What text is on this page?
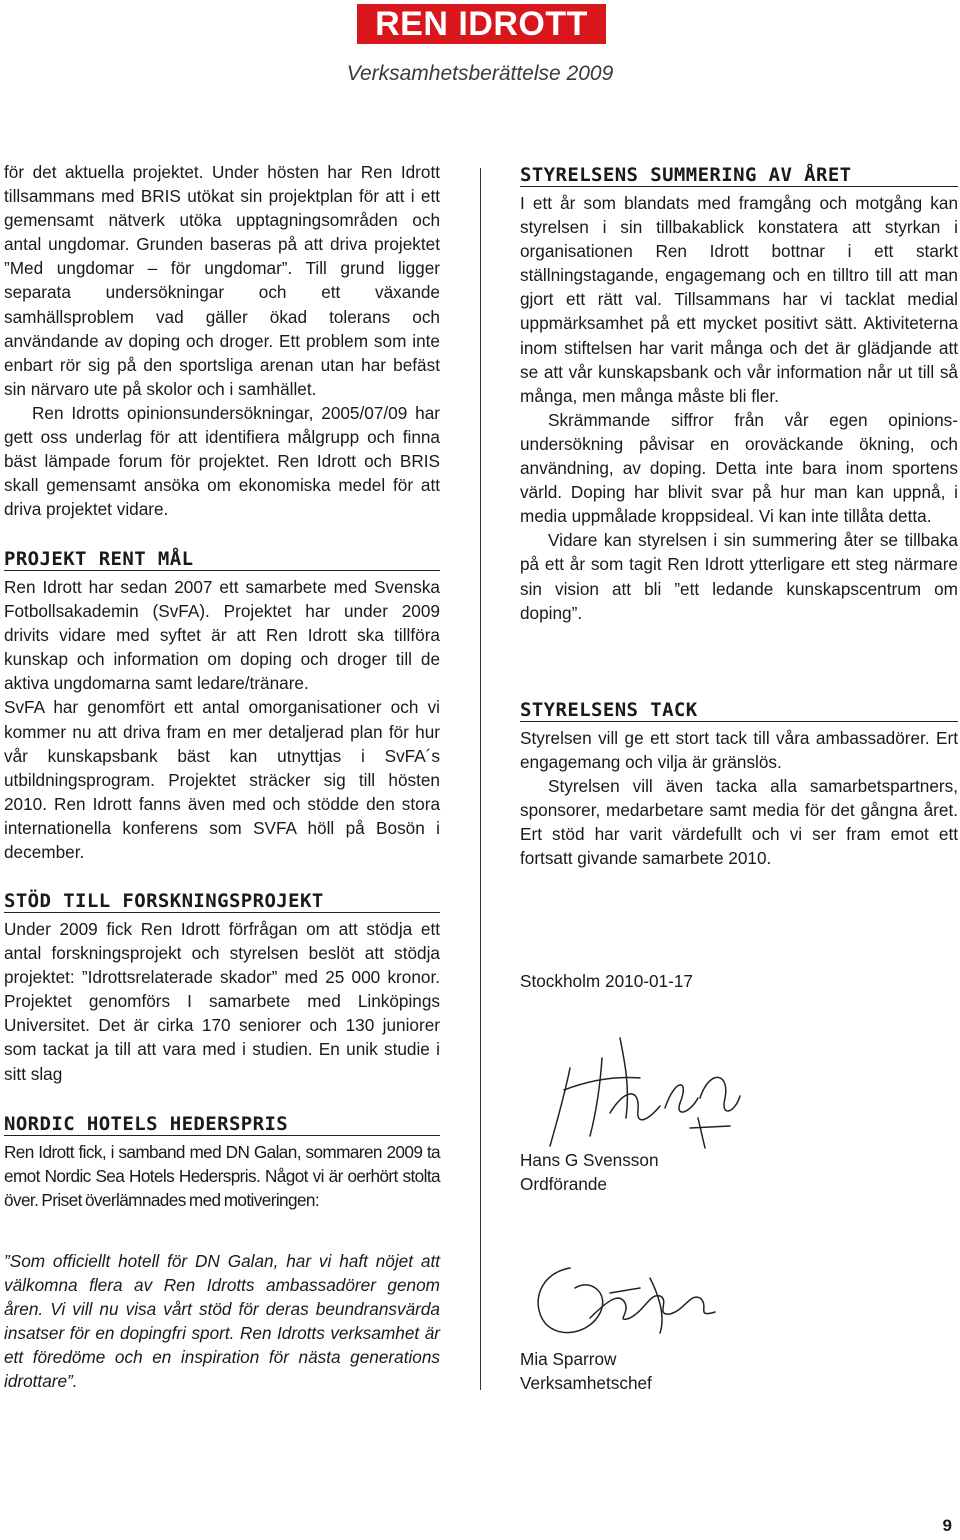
REN IDROTT
Verksamhetsberättelse 2009

för det aktuella projektet. Under hösten har Ren Idrott tillsammans med BRIS utökat sin projektplan för att i ett gemensamt nätverk utöka upptagningsområden och antal ungdomar. Grunden baseras på att driva projektet ”Med ungdomar – för ungdomar”. Till grund ligger separata undersökningar och ett växande samhällsproblem vad gäller ökad tolerans och användande av doping och droger. Ett problem som inte enbart rör sig på den sportsliga arenan utan har befäst sin närvaro ute på skolor och i samhället.

Ren Idrotts opinionsundersökningar, 2005/07/09 har gett oss underlag för att identifiera målgrupp och finna bäst lämpade forum för projektet. Ren Idrott och BRIS skall gemensamt ansöka om ekonomiska medel för att driva projektet vidare.

PROJEKT RENT MÅL

Ren Idrott har sedan 2007 ett samarbete med Svenska Fotbollsakademin (SvFA). Projektet har under 2009 drivits vidare med syftet är att Ren Idrott ska tillföra kunskap och information om doping och droger till de aktiva ungdomarna samt ledare/tränare.

SvFA har genomfört ett antal omorganisationer och vi kommer nu att driva fram en mer detaljerad plan för hur vår kunskapsbank bäst kan utnyttjas i SvFA´s utbildningsprogram. Projektet sträcker sig till hösten 2010. Ren Idrott fanns även med och stödde den stora internationella konferens som SVFA höll på Bosön i december.

STÖD TILL FORSKNINGSPROJEKT

Under 2009 fick Ren Idrott förfrågan om att stödja ett antal forskningsprojekt och styrelsen beslöt att stödja projektet: ”Idrottsrelaterade skador” med 25 000 kronor. Projektet genomförs I samarbete med Linköpings Universitet. Det är cirka 170 seniorer och 130 juniorer som tackat ja till att vara med i studien. En unik studie i sitt slag

NORDIC HOTELS HEDERSPRIS

Ren Idrott fick, i samband med DN Galan, sommaren 2009 ta emot Nordic Sea Hotels Hederspris. Något vi är oerhört stolta över. Priset överlämnades med motiveringen:

”Som officiellt hotell för DN Galan, har vi haft nöjet att välkomna flera av Ren Idrotts ambassadörer genom åren. Vi vill nu visa vårt stöd för deras beundransvärda insatser för en dopingfri sport. Ren Idrotts verksamhet är ett föredöme och en inspiration för nästa generations idrottare”.

STYRELSENS SUMMERING AV ÅRET

I ett år som blandats med framgång och motgång kan styrelsen i sin tillbakablick konstatera att styrkan i organisationen Ren Idrott bottnar i ett starkt ställningstagande, engagemang och en tilltro till att man gjort ett rätt val. Tillsammans har vi tacklat medial uppmärksamhet på ett mycket positivt sätt. Aktiviteterna inom stiftelsen har varit många och det är glädjande att se att vår kunskapsbank och vår information når ut till så många, men många måste bli fler.

Skrämmande siffror från vår egen opinionsundersökning påvisar en oroväckande ökning, och användning, av doping. Detta inte bara inom sportens värld. Doping har blivit svar på hur man kan uppnå, i media uppmålade kroppsideal. Vi kan inte tillåta detta.

Vidare kan styrelsen i sin summering åter se tillbaka på ett år som tagit Ren Idrott ytterligare ett steg närmare sin vision att bli ”ett ledande kunskapscentrum om doping”.

STYRELSENS TACK

Styrelsen vill ge ett stort tack till våra ambassadörer. Ert engagemang och vilja är gränslös.

Styrelsen vill även tacka alla samarbetspartners, sponsorer, medarbetare samt media för det gångna året. Ert stöd har varit värdefullt och vi ser fram emot ett fortsatt givande samarbete 2010.

Stockholm 2010-01-17
Hans G Svensson
Ordförande
Mia Sparrow
Verksamhetschef
9
